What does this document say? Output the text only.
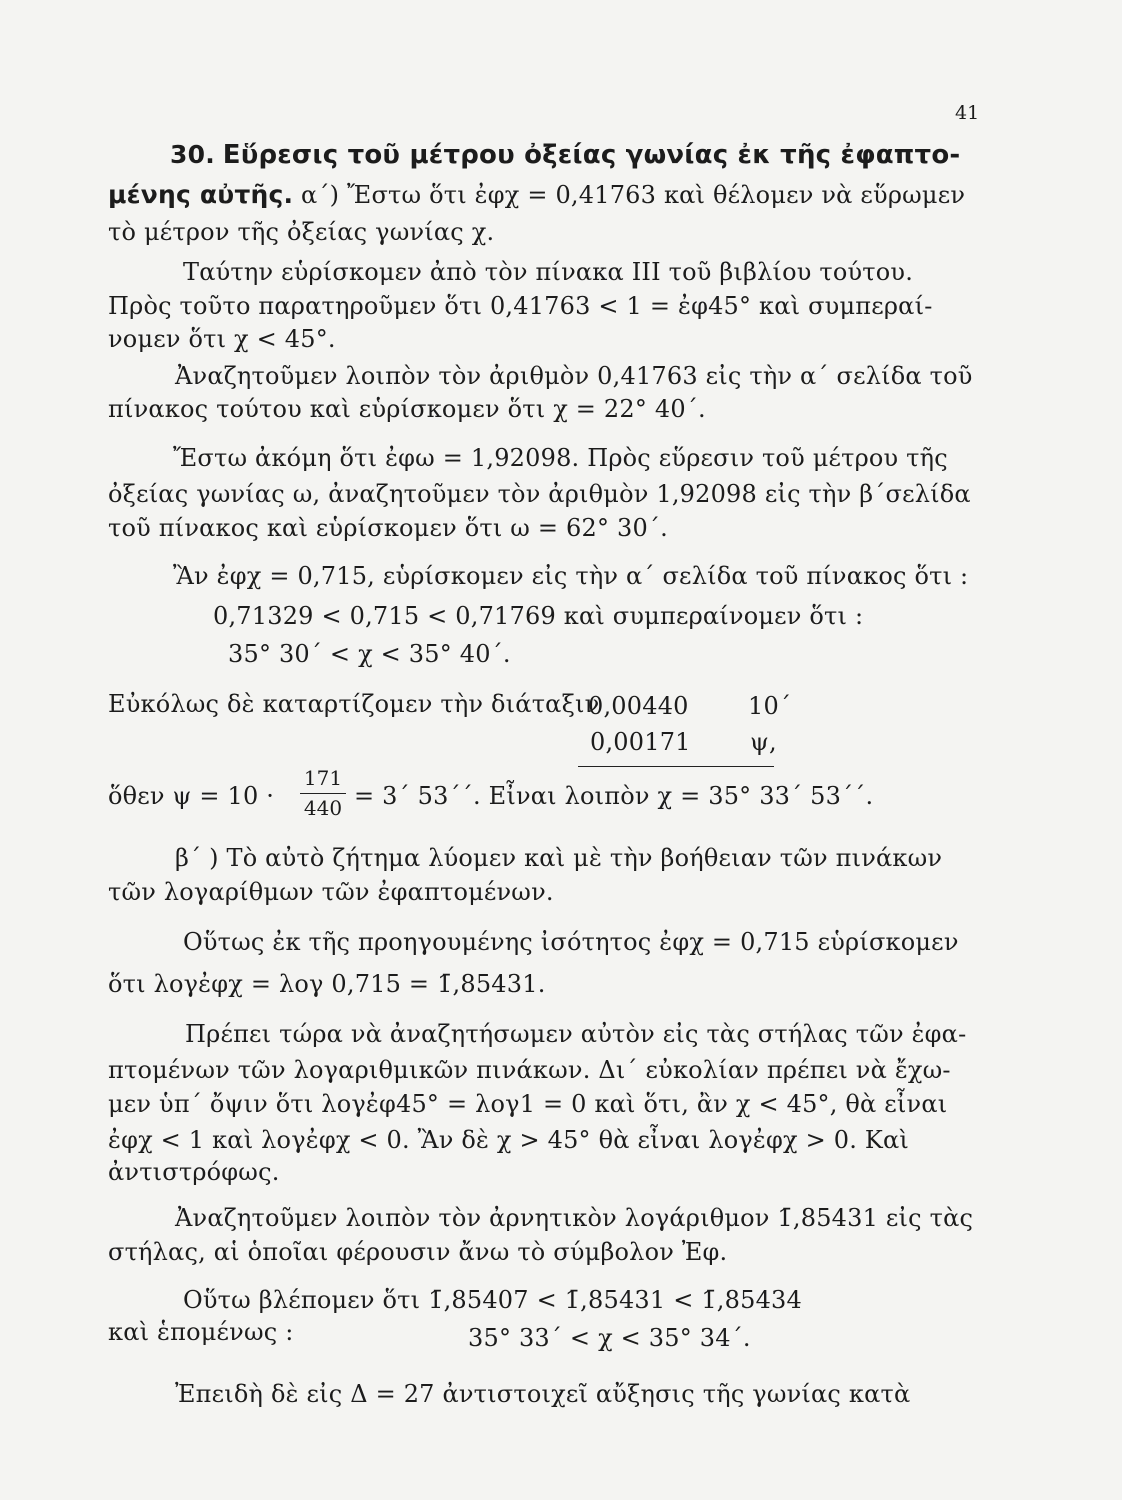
41
30. Εὕρεσις τοῦ μέτρου ὀξείας γωνίας ἐκ τῆς ἐφαπτο-
μένης αὐτῆς. α΄) Ἔστω ὅτι ἐφχ = 0,41763 καὶ θέλομεν νὰ εὕρωμεν
τὸ μέτρον τῆς ὀξείας γωνίας χ.
Ταύτην εὑρίσκομεν ἀπὸ τὸν πίνακα III τοῦ βιβλίου τούτου.
Πρὸς τοῦτο παρατηροῦμεν ὅτι 0,41763 < 1 = ἐφ45° καὶ συμπεραί-
νομεν ὅτι χ < 45°.
Ἀναζητοῦμεν λοιπὸν τὸν ἀριθμὸν 0,41763 εἰς τὴν α΄ σελίδα τοῦ
πίνακος τούτου καὶ εὑρίσκομεν ὅτι χ = 22° 40΄.
Ἔστω ἀκόμη ὅτι ἐφω = 1,92098. Πρὸς εὕρεσιν τοῦ μέτρου τῆς
ὀξείας γωνίας ω, ἀναζητοῦμεν τὸν ἀριθμὸν 1,92098 εἰς τὴν β΄σελίδα
τοῦ πίνακος καὶ εὑρίσκομεν ὅτι ω = 62° 30΄.
Ἂν ἐφχ = 0,715, εὑρίσκομεν εἰς τὴν α΄ σελίδα τοῦ πίνακος ὅτι :
0,71329 < 0,715 < 0,71769 καὶ συμπεραίνομεν ὅτι :
35° 30΄ < χ < 35° 40΄.
Εὐκόλως δὲ καταρτίζομεν τὴν διάταξιν
0,00440 10΄
0,00171 ψ,
ὅθεν ψ = 10 ·
171
440 = 3΄ 53΄΄. Εἶναι λοιπὸν χ = 35° 33΄ 53΄΄.
β΄ ) Τὸ αὐτὸ ζήτημα λύομεν καὶ μὲ τὴν βοήθειαν τῶν πινάκων
τῶν λογαρίθμων τῶν ἐφαπτομένων.
Οὕτως ἐκ τῆς προηγουμένης ἰσότητος ἐφχ = 0,715 εὑρίσκομεν
ὅτι λογἐφχ = λογ 0,715 = 1̄,85431.
Πρέπει τώρα νὰ ἀναζητήσωμεν αὐτὸν εἰς τὰς στήλας τῶν ἐφα-
πτομένων τῶν λογαριθμικῶν πινάκων. Δι΄ εὐκολίαν πρέπει νὰ ἔχω-
μεν ὑπ΄ ὄψιν ὅτι λογἐφ45° = λογ1 = 0 καὶ ὅτι, ἂν χ < 45°, θὰ εἶναι
ἐφχ < 1 καὶ λογἐφχ < 0. Ἂν δὲ χ > 45° θὰ εἶναι λογἐφχ > 0. Καὶ
ἀντιστρόφως.
Ἀναζητοῦμεν λοιπὸν τὸν ἀρνητικὸν λογάριθμον 1̄,85431 εἰς τὰς
στήλας, αἱ ὁποῖαι φέρουσιν ἄνω τὸ σύμβολον Ἐφ.
Οὕτω βλέπομεν ὅτι 1̄,85407 < 1̄,85431 < 1̄,85434
καὶ ἑπομένως :	35° 33΄ < χ < 35° 34΄.
Ἐπειδὴ δὲ εἰς Δ = 27 ἀντιστοιχεῖ αὔξησις τῆς γωνίας κατὰ
